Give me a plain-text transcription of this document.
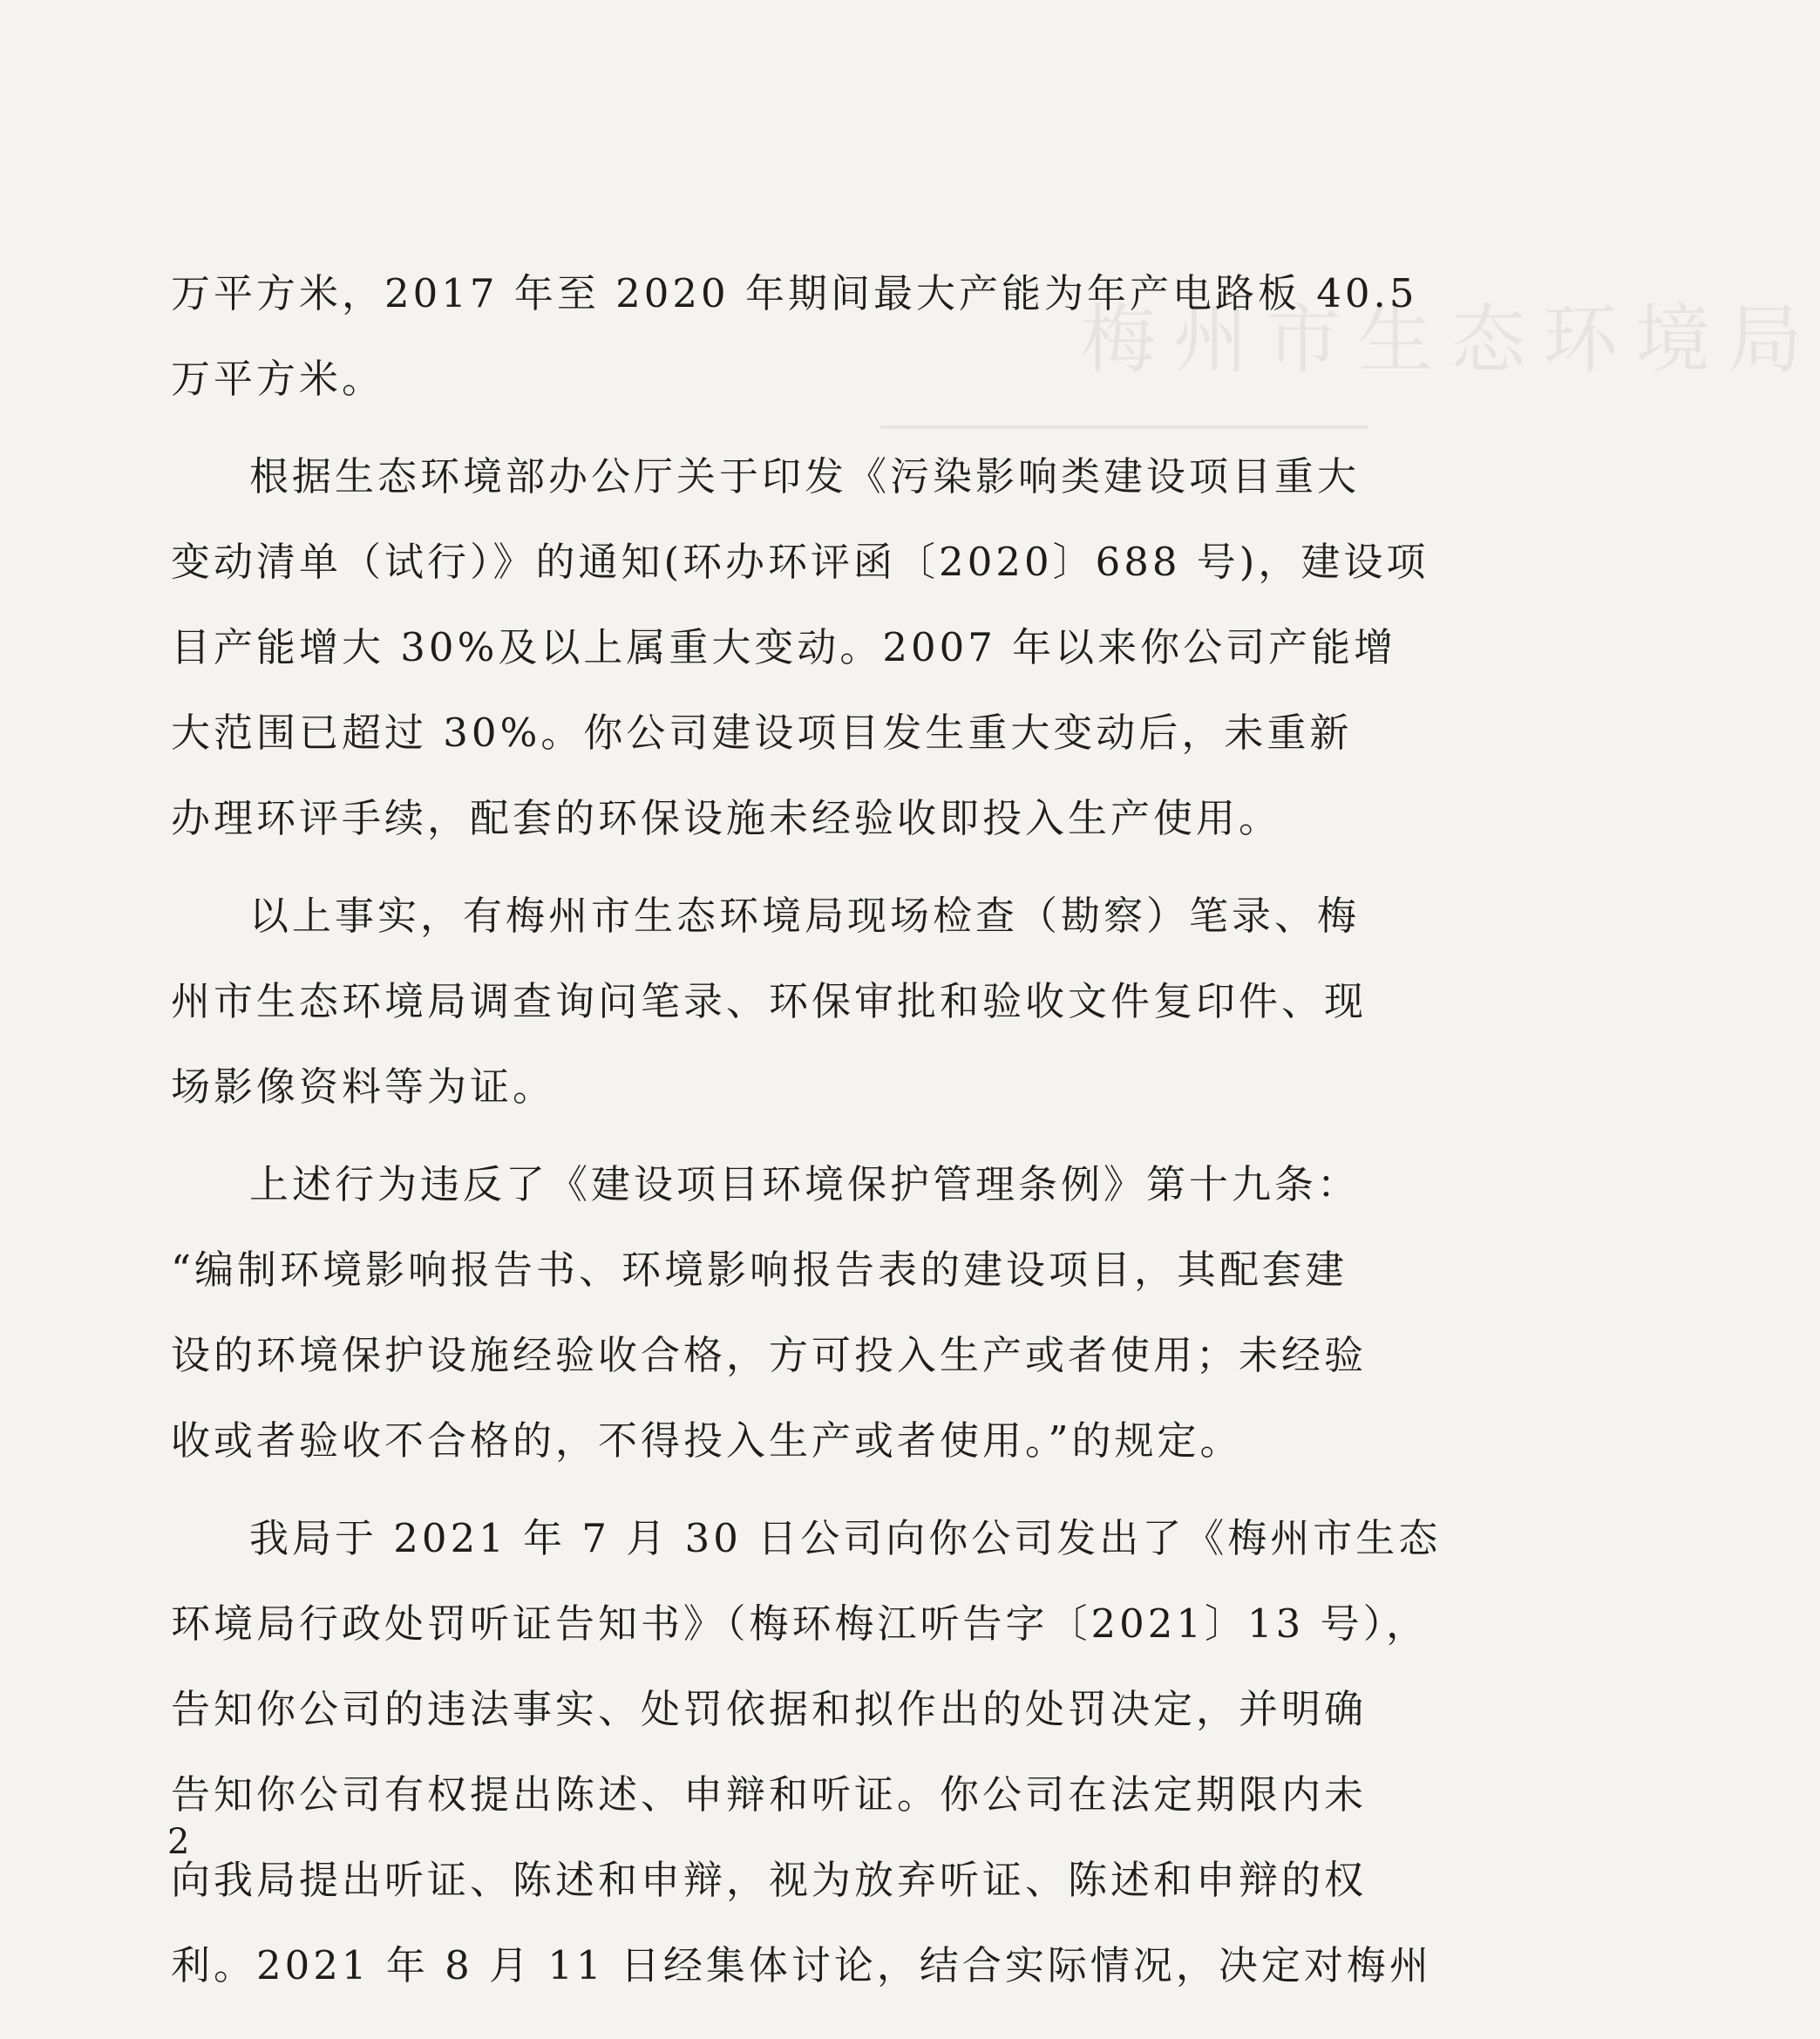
梅州市生态环境局

万平方米，2017 年至 2020 年期间最大产能为年产电路板 40.5
万平方米。

根据生态环境部办公厅关于印发《污染影响类建设项目重大
变动清单（试行）》的通知(环办环评函〔2020〕688 号)，建设项
目产能增大 30%及以上属重大变动。2007 年以来你公司产能增
大范围已超过 30%。你公司建设项目发生重大变动后，未重新
办理环评手续，配套的环保设施未经验收即投入生产使用。

以上事实，有梅州市生态环境局现场检查（勘察）笔录、梅
州市生态环境局调查询问笔录、环保审批和验收文件复印件、现
场影像资料等为证。

上述行为违反了《建设项目环境保护管理条例》第十九条：
“编制环境影响报告书、环境影响报告表的建设项目，其配套建
设的环境保护设施经验收合格，方可投入生产或者使用；未经验
收或者验收不合格的，不得投入生产或者使用。”的规定。

我局于 2021 年 7 月 30 日公司向你公司发出了《梅州市生态
环境局行政处罚听证告知书》（梅环梅江听告字〔2021〕13 号），
告知你公司的违法事实、处罚依据和拟作出的处罚决定，并明确
告知你公司有权提出陈述、申辩和听证。你公司在法定期限内未
向我局提出听证、陈述和申辩，视为放弃听证、陈述和申辩的权
利。2021 年 8 月 11 日经集体讨论，结合实际情况，决定对梅州

2
